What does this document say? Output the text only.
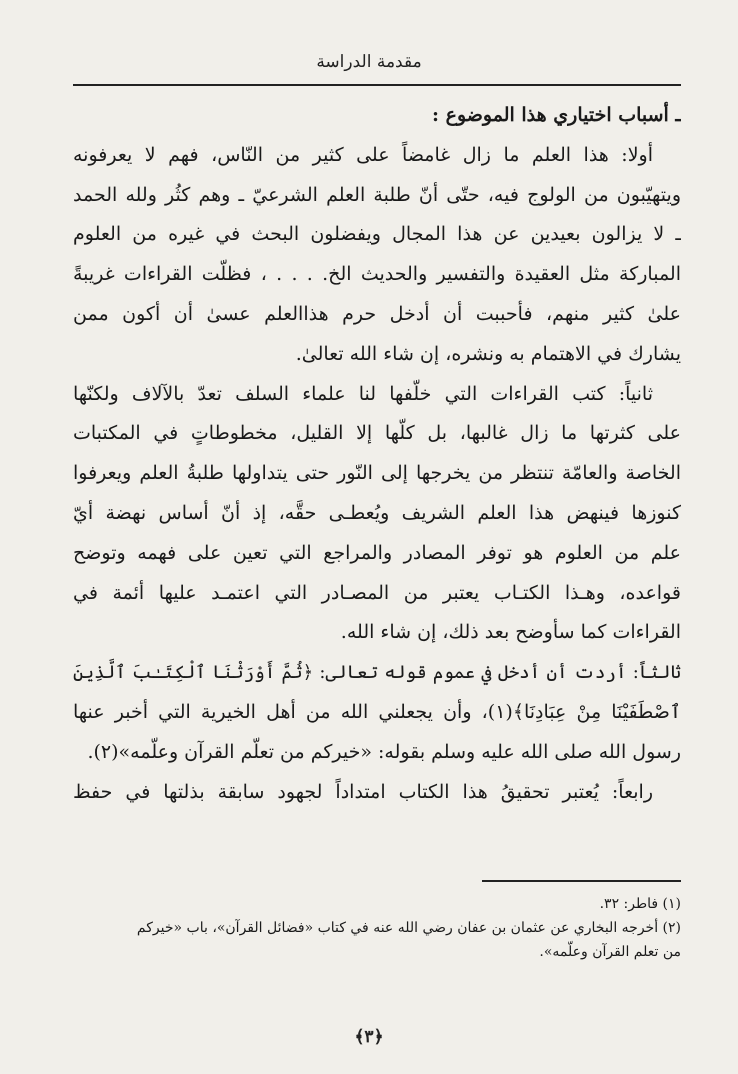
مقدمة الدراسة
ـ أسباب اختياري هذا الموضوع :
أولا: هذا العلم ما زال غامضاً على كثير من النّاس، فهم لا يعرفونه
ويتهيّبون من الولوج فيه، حتّى أنّ طلبة العلم الشرعيّ ـ وهم كثُر ولله الحمد
ـ لا يزالون بعيدين عن هذا المجال ويفضلون البحث في غيره من العلوم
المباركة مثل العقيدة والتفسير والحديث الخ. . . . ، فظلّت القراءات غريبةً
علىٰ كثير منهم، فأحببت أن أدخل حرم هذاالعلم عسىٰ أن أكون ممن
يشارك في الاهتمام به ونشره، إن شاء الله تعالىٰ.
ثانياً: كتب القراءات التي خلّفها لنا علماء السلف تعدّ بالآلاف ولكنّها
على كثرتها ما زال غالبها، بل كلّها إلا القليل، مخطوطاتٍ في المكتبات
الخاصة والعامّة تنتظر من يخرجها إلى النّور حتى يتداولها طلبةُ العلم ويعرفوا
كنوزها فينهض هذا العلم الشريف ويُعطـى حقَّه، إذ أنّ أساس نهضة أيّ
علم من العلوم هو توفر المصادر والمراجع التي تعين على فهمه وتوضح
قواعده، وهـذا الكتـاب يعتبر من المصـادر التي اعتمـد عليها أئمة في
القراءات كما سأوضح بعد ذلك، إن شاء الله.
ثالثاً: أردت أن أدخل في عموم قوله تعالى: ﴿ثُمَّ أَوْرَثْنَا ٱلْكِتَـٰبَ ٱلَّذِينَ
ٱصْطَفَيْنَا مِنْ عِبَادِنَا﴾(١)، وأن يجعلني الله من أهل الخيرية التي أخبر عنها
رسول الله صلى الله عليه وسلم بقوله: «خيركم من تعلّم القرآن وعلّمه»(٢).
رابعاً: يُعتبر تحقيقُ هذا الكتاب امتداداً لجهود سابقة بذلتها في حفظ
(١) فاطر: ٣٢.
(٢) أخرجه البخاري عن عثمان بن عفان رضي الله عنه في كتاب «فضائل القرآن»، باب «خيركم
من تعلم القرآن وعلّمه».
﴿٣﴾
